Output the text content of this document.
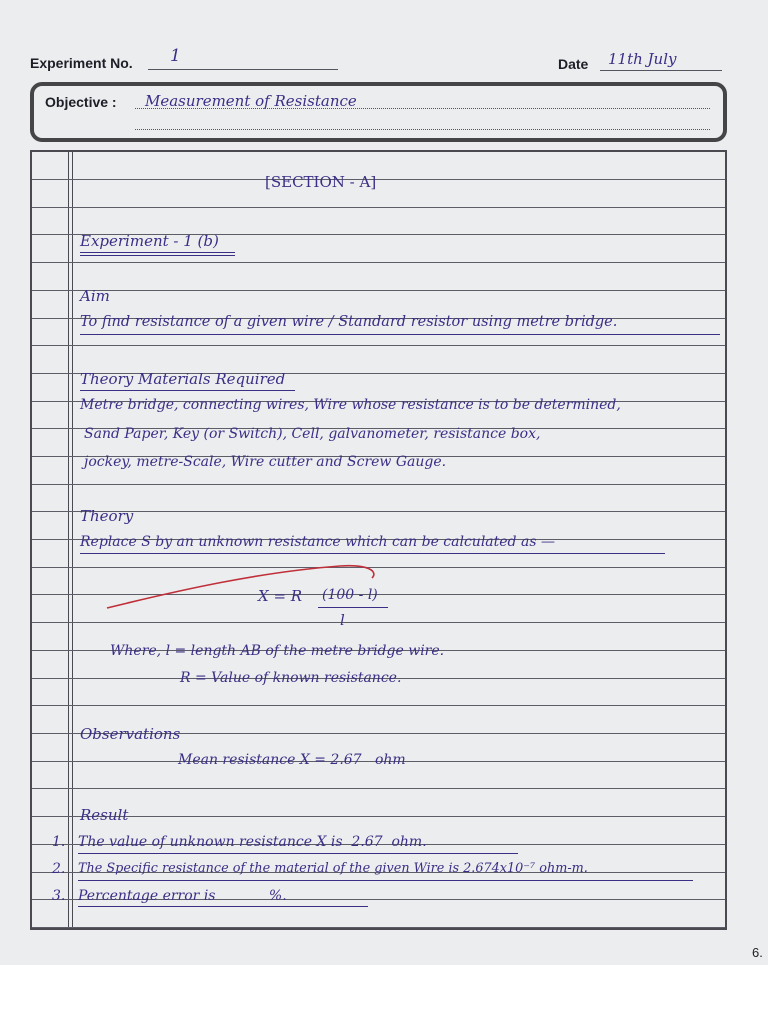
Experiment No. 1	Date 11th July
Objective : Measurement of Resistance
[SECTION - A]
Experiment - 1 (b)
Aim
To find resistance of a given wire / Standard resistor using metre bridge.
Theory Materials Required
Metre bridge, connecting wires, Wire whose resistance is to be determined,
Sand Paper, Key (or Switch), Cell, galvanometer, resistance box,
jockey, metre-Scale, Wire cutter and Screw Gauge.
Theory
Replace S by an unknown resistance which can be calculated as —
X = R (100 - l)
l
Where, l = length AB of the metre bridge wire.
R = Value of known resistance.
Observations
Mean resistance X = 2.67   ohm
Result
1. The value of unknown resistance X is  2.67  ohm.
2. The Specific resistance of the material of the given Wire is 2.674x10⁻⁷ ohm-m.
3. Percentage error is            %.
6.
